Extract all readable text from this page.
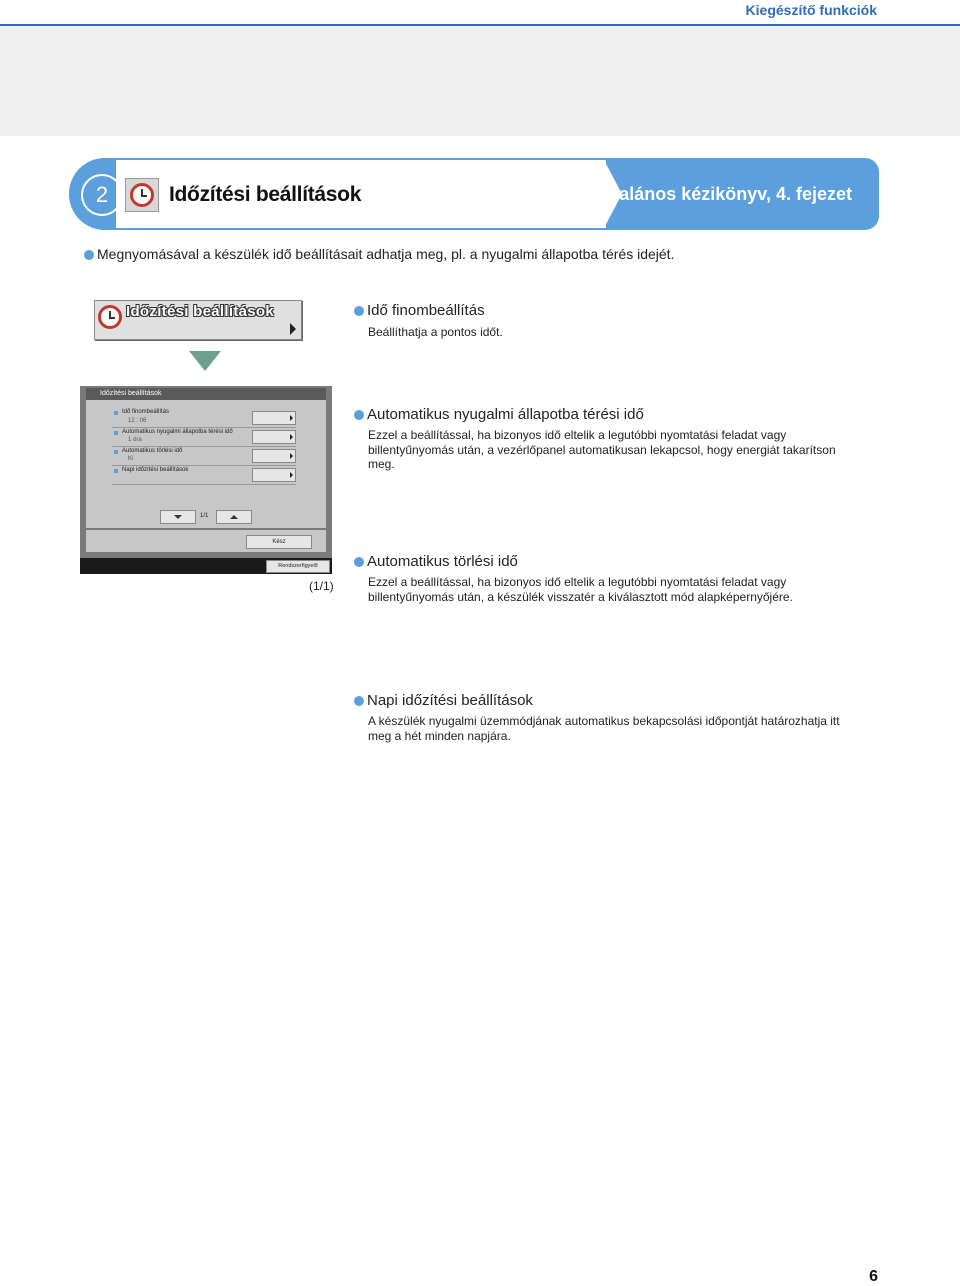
Kiegészítő funkciók
2	Időzítési beállítások	Általános kézikönyv, 4. fejezet
Megnyomásával a készülék idő beállításait adhatja meg, pl. a nyugalmi állapotba térés idejét.
Időzítési beállítások
Időzítési beállítások
Idő finombeállítás
12 : 06
Automatikus nyugalmi állapotba térési idő
1 óra
Automatikus törlési idő
Ki
Napi időzítési beállítások
1/1
Kész
Rendszerfigyelő
(1/1)
Idő finombeállítás
Beállíthatja a pontos időt.
Automatikus nyugalmi állapotba térési idő
Ezzel a beállítással, ha bizonyos idő eltelik a legutóbbi nyomtatási feladat vagy billentyűnyomás után, a vezérlőpanel automatikusan lekapcsol, hogy energiát takarítson meg.
Automatikus törlési idő
Ezzel a beállítással, ha bizonyos idő eltelik a legutóbbi nyomtatási feladat vagy billentyűnyomás után, a készülék visszatér a kiválasztott mód alapképernyőjére.
Napi időzítési beállítások
A készülék nyugalmi üzemmódjának automatikus bekapcsolási időpontját határozhatja itt meg a hét minden napjára.
6
